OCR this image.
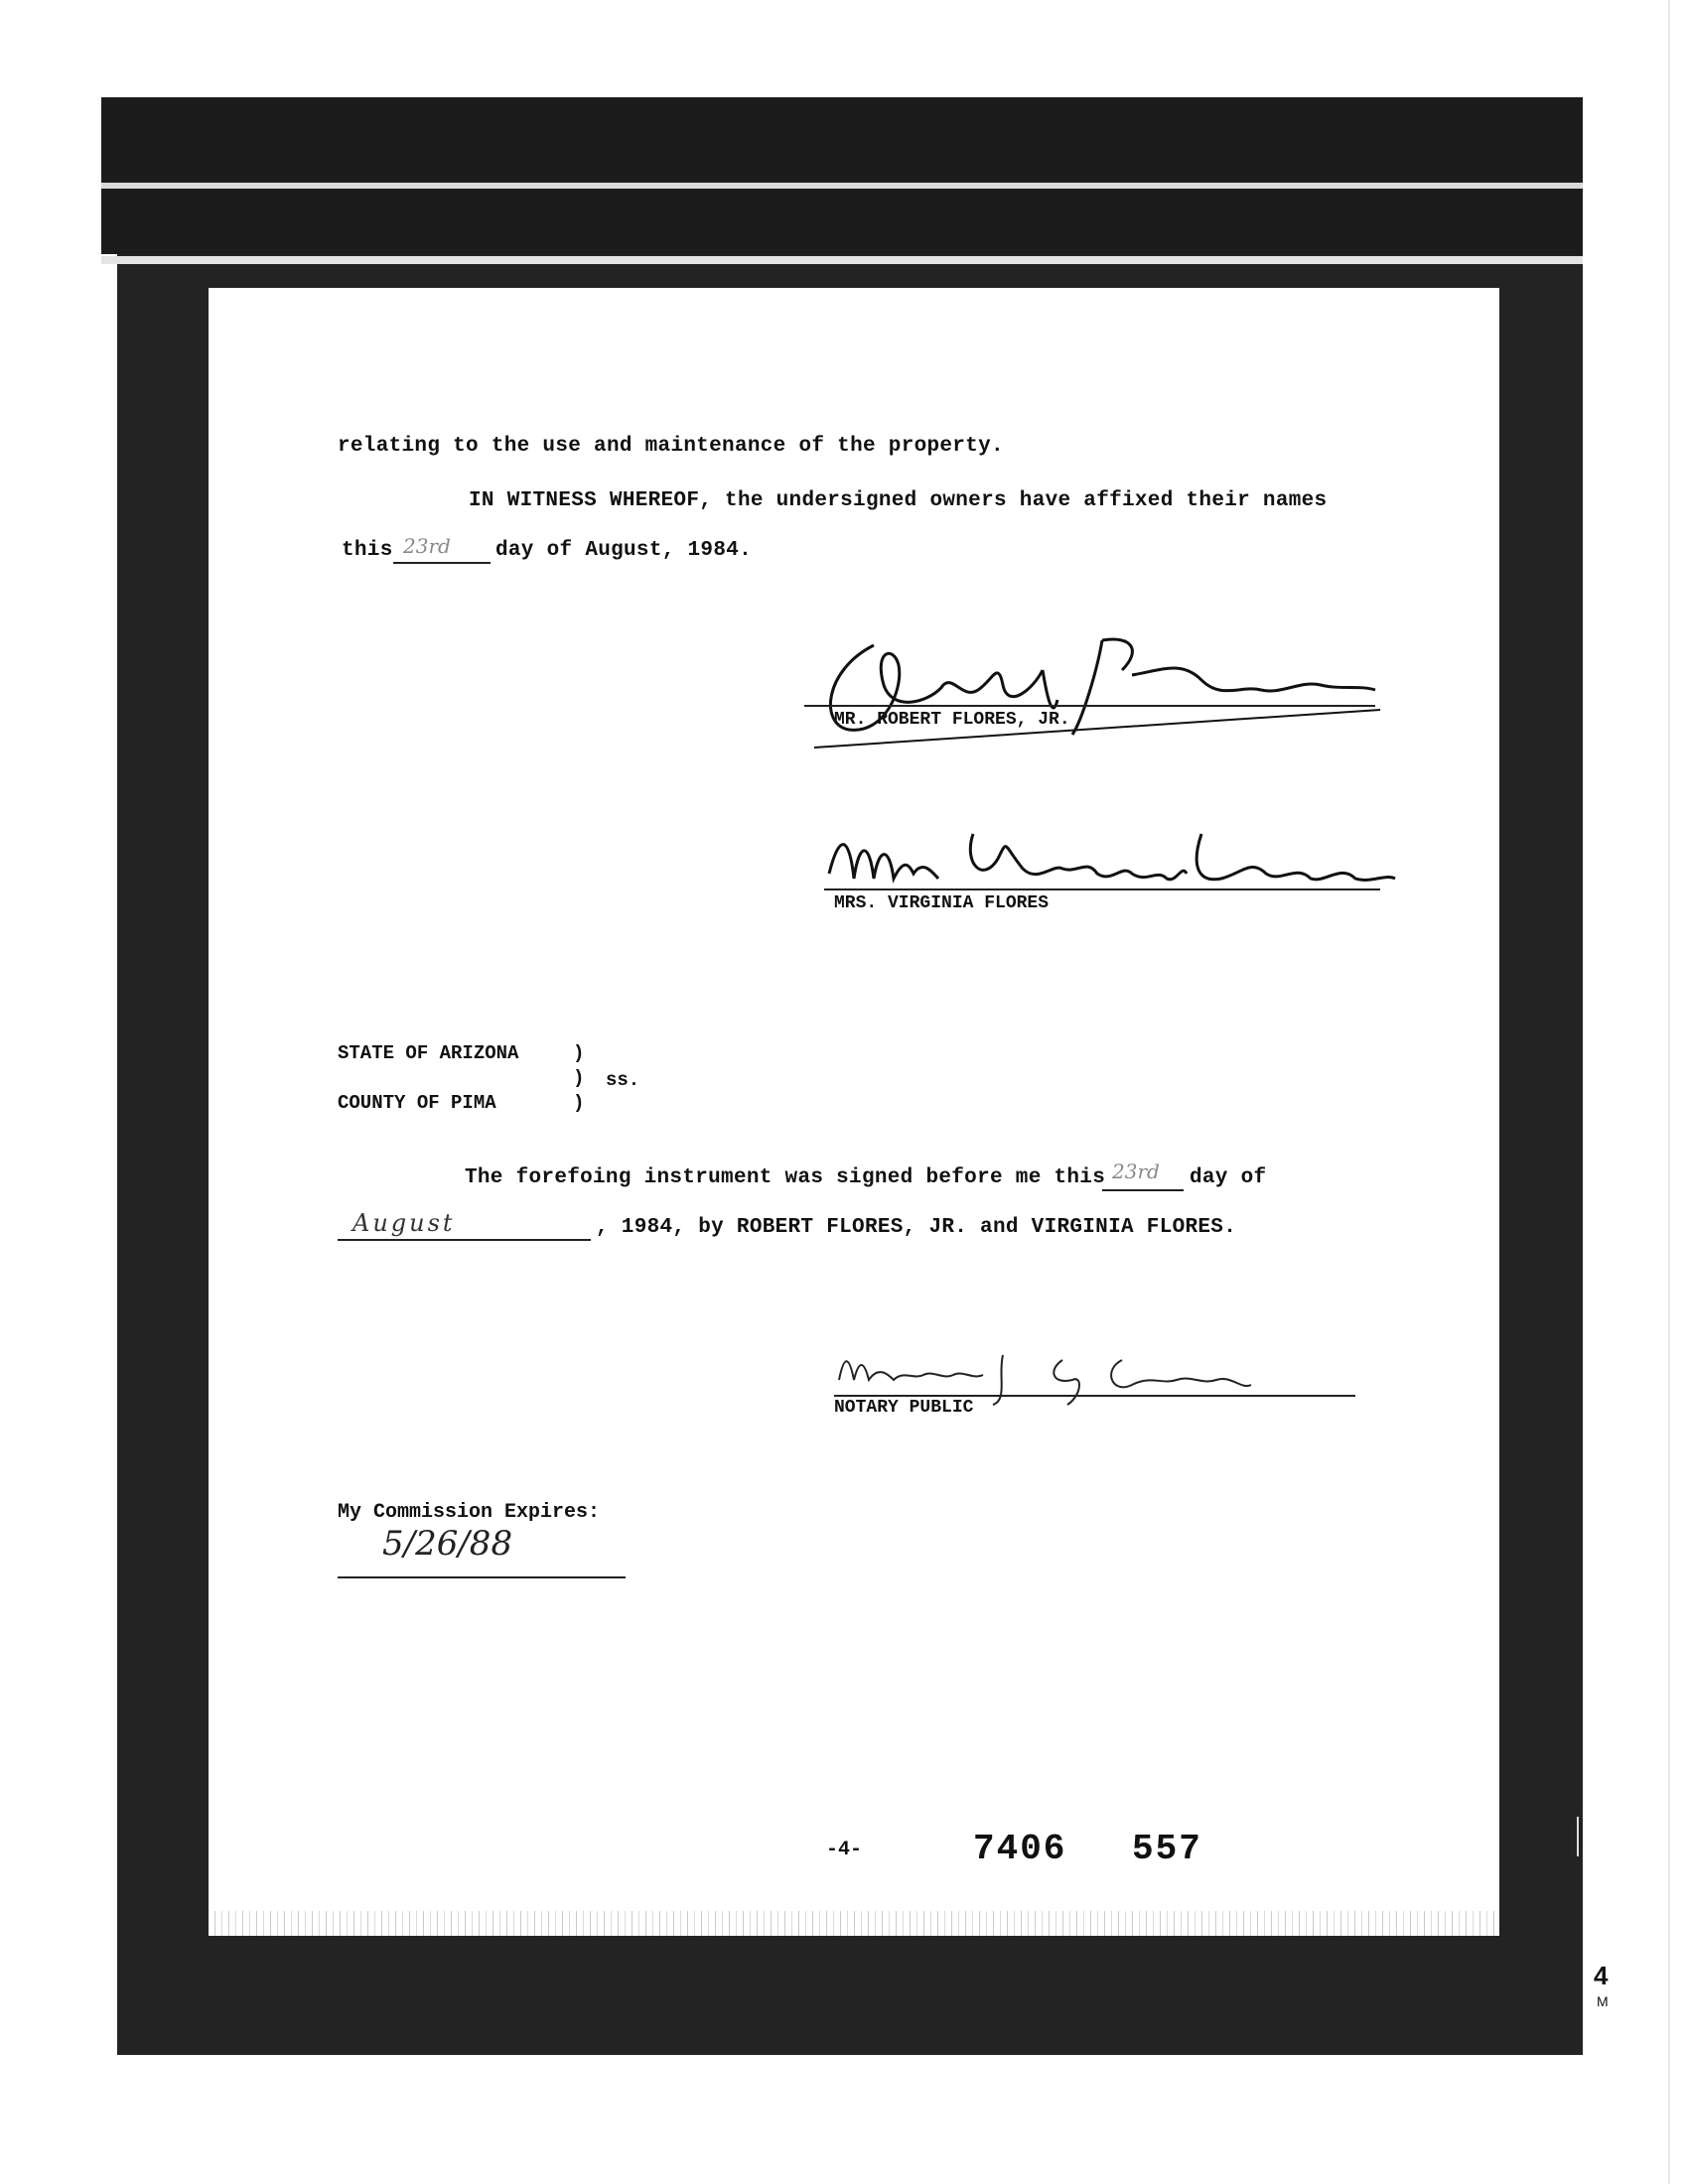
4
M
relating to the use and maintenance of the property.
IN WITNESS WHEREOF, the undersigned owners have affixed their names
this 23rd day of August, 1984.
MR. ROBERT FLORES, JR.
MRS. VIRGINIA FLORES
STATE OF ARIZONA	)
) ss.
COUNTY OF PIMA	)
The forefoing instrument was signed before me this 23rd day of
August	, 1984, by ROBERT FLORES, JR. and VIRGINIA FLORES.
NOTARY PUBLIC
My Commission Expires:
5/26/88
-4-	7406 557
